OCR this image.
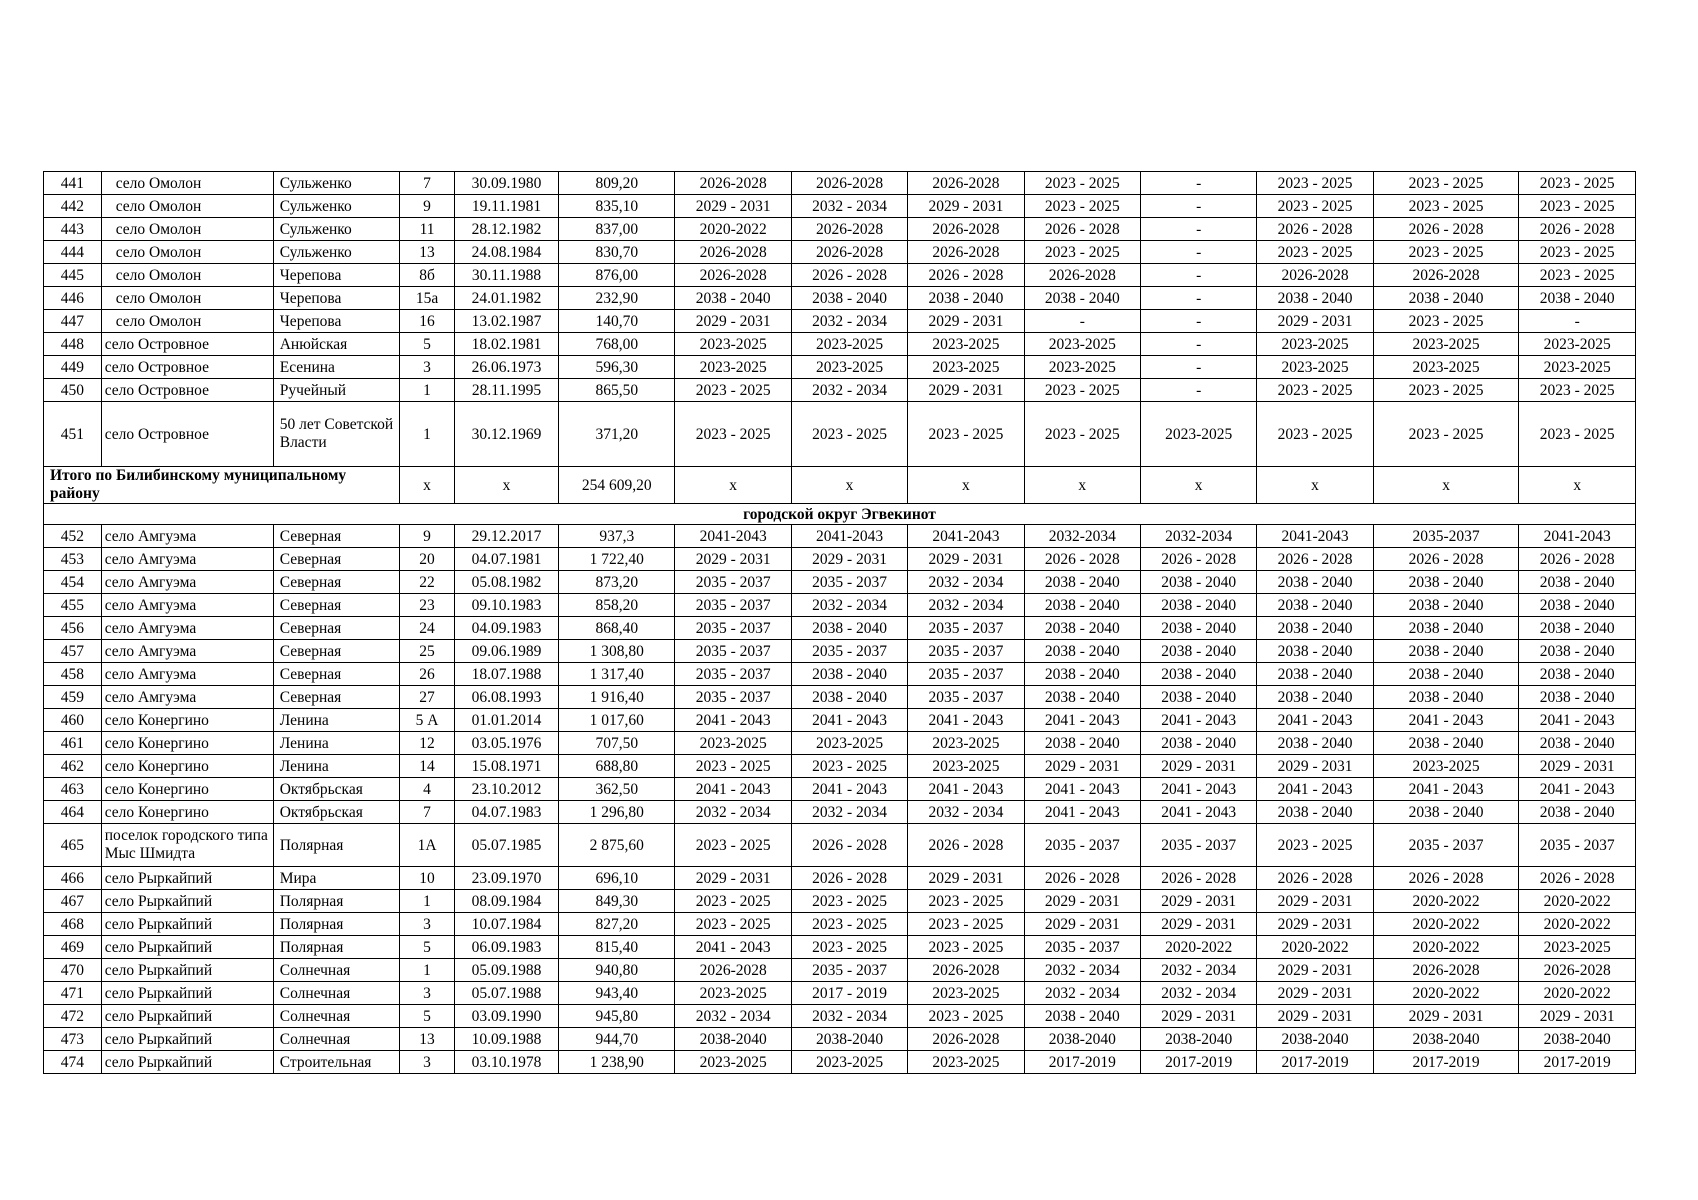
441	село Омолон	Сульженко	7	30.09.1980	809,20	2026-2028	2026-2028	2026-2028	2023 - 2025	-	2023 - 2025	2023 - 2025	2023 - 2025
442	село Омолон	Сульженко	9	19.11.1981	835,10	2029 - 2031	2032 - 2034	2029 - 2031	2023 - 2025	-	2023 - 2025	2023 - 2025	2023 - 2025
443	село Омолон	Сульженко	11	28.12.1982	837,00	2020-2022	2026-2028	2026-2028	2026 - 2028	-	2026 - 2028	2026 - 2028	2026 - 2028
444	село Омолон	Сульженко	13	24.08.1984	830,70	2026-2028	2026-2028	2026-2028	2023 - 2025	-	2023 - 2025	2023 - 2025	2023 - 2025
445	село Омолон	Черепова	8б	30.11.1988	876,00	2026-2028	2026 - 2028	2026 - 2028	2026-2028	-	2026-2028	2026-2028	2023 - 2025
446	село Омолон	Черепова	15а	24.01.1982	232,90	2038 - 2040	2038 - 2040	2038 - 2040	2038 - 2040	-	2038 - 2040	2038 - 2040	2038 - 2040
447	село Омолон	Черепова	16	13.02.1987	140,70	2029 - 2031	2032 - 2034	2029 - 2031	-	-	2029 - 2031	2023 - 2025	-
448	село Островное	Анюйская	5	18.02.1981	768,00	2023-2025	2023-2025	2023-2025	2023-2025	-	2023-2025	2023-2025	2023-2025
449	село Островное	Есенина	3	26.06.1973	596,30	2023-2025	2023-2025	2023-2025	2023-2025	-	2023-2025	2023-2025	2023-2025
450	село Островное	Ручейный	1	28.11.1995	865,50	2023 - 2025	2032 - 2034	2029 - 2031	2023 - 2025	-	2023 - 2025	2023 - 2025	2023 - 2025
451	село Островное	50 лет Советской Власти	1	30.12.1969	371,20	2023 - 2025	2023 - 2025	2023 - 2025	2023 - 2025	2023-2025	2023 - 2025	2023 - 2025	2023 - 2025
Итого по Билибинскому муниципальному району			x	x	254 609,20	x	x	x	x	x	x	x	x
городской округ Эгвекинот													
452	село Амгуэма	Северная	9	29.12.2017	937,3	2041-2043	2041-2043	2041-2043	2032-2034	2032-2034	2041-2043	2035-2037	2041-2043
453	село Амгуэма	Северная	20	04.07.1981	1 722,40	2029 - 2031	2029 - 2031	2029 - 2031	2026 - 2028	2026 - 2028	2026 - 2028	2026 - 2028	2026 - 2028
454	село Амгуэма	Северная	22	05.08.1982	873,20	2035 - 2037	2035 - 2037	2032 - 2034	2038 - 2040	2038 - 2040	2038 - 2040	2038 - 2040	2038 - 2040
455	село Амгуэма	Северная	23	09.10.1983	858,20	2035 - 2037	2032 - 2034	2032 - 2034	2038 - 2040	2038 - 2040	2038 - 2040	2038 - 2040	2038 - 2040
456	село Амгуэма	Северная	24	04.09.1983	868,40	2035 - 2037	2038 - 2040	2035 - 2037	2038 - 2040	2038 - 2040	2038 - 2040	2038 - 2040	2038 - 2040
457	село Амгуэма	Северная	25	09.06.1989	1 308,80	2035 - 2037	2035 - 2037	2035 - 2037	2038 - 2040	2038 - 2040	2038 - 2040	2038 - 2040	2038 - 2040
458	село Амгуэма	Северная	26	18.07.1988	1 317,40	2035 - 2037	2038 - 2040	2035 - 2037	2038 - 2040	2038 - 2040	2038 - 2040	2038 - 2040	2038 - 2040
459	село Амгуэма	Северная	27	06.08.1993	1 916,40	2035 - 2037	2038 - 2040	2035 - 2037	2038 - 2040	2038 - 2040	2038 - 2040	2038 - 2040	2038 - 2040
460	село Конергино	Ленина	5 А	01.01.2014	1 017,60	2041 - 2043	2041 - 2043	2041 - 2043	2041 - 2043	2041 - 2043	2041 - 2043	2041 - 2043	2041 - 2043
461	село Конергино	Ленина	12	03.05.1976	707,50	2023-2025	2023-2025	2023-2025	2038 - 2040	2038 - 2040	2038 - 2040	2038 - 2040	2038 - 2040
462	село Конергино	Ленина	14	15.08.1971	688,80	2023 - 2025	2023 - 2025	2023-2025	2029 - 2031	2029 - 2031	2029 - 2031	2023-2025	2029 - 2031
463	село Конергино	Октябрьская	4	23.10.2012	362,50	2041 - 2043	2041 - 2043	2041 - 2043	2041 - 2043	2041 - 2043	2041 - 2043	2041 - 2043	2041 - 2043
464	село Конергино	Октябрьская	7	04.07.1983	1 296,80	2032 - 2034	2032 - 2034	2032 - 2034	2041 - 2043	2041 - 2043	2038 - 2040	2038 - 2040	2038 - 2040
465	поселок городского типа Мыс Шмидта	Полярная	1А	05.07.1985	2 875,60	2023 - 2025	2026 - 2028	2026 - 2028	2035 - 2037	2035 - 2037	2023 - 2025	2035 - 2037	2035 - 2037
466	село Рыркайпий	Мира	10	23.09.1970	696,10	2029 - 2031	2026 - 2028	2029 - 2031	2026 - 2028	2026 - 2028	2026 - 2028	2026 - 2028	2026 - 2028
467	село Рыркайпий	Полярная	1	08.09.1984	849,30	2023 - 2025	2023 - 2025	2023 - 2025	2029 - 2031	2029 - 2031	2029 - 2031	2020-2022	2020-2022
468	село Рыркайпий	Полярная	3	10.07.1984	827,20	2023 - 2025	2023 - 2025	2023 - 2025	2029 - 2031	2029 - 2031	2029 - 2031	2020-2022	2020-2022
469	село Рыркайпий	Полярная	5	06.09.1983	815,40	2041 - 2043	2023 - 2025	2023 - 2025	2035 - 2037	2020-2022	2020-2022	2020-2022	2023-2025
470	село Рыркайпий	Солнечная	1	05.09.1988	940,80	2026-2028	2035 - 2037	2026-2028	2032 - 2034	2032 - 2034	2029 - 2031	2026-2028	2026-2028
471	село Рыркайпий	Солнечная	3	05.07.1988	943,40	2023-2025	2017 - 2019	2023-2025	2032 - 2034	2032 - 2034	2029 - 2031	2020-2022	2020-2022
472	село Рыркайпий	Солнечная	5	03.09.1990	945,80	2032 - 2034	2032 - 2034	2023 - 2025	2038 - 2040	2029 - 2031	2029 - 2031	2029 - 2031	2029 - 2031
473	село Рыркайпий	Солнечная	13	10.09.1988	944,70	2038-2040	2038-2040	2026-2028	2038-2040	2038-2040	2038-2040	2038-2040	2038-2040
474	село Рыркайпий	Строительная	3	03.10.1978	1 238,90	2023-2025	2023-2025	2023-2025	2017-2019	2017-2019	2017-2019	2017-2019	2017-2019
